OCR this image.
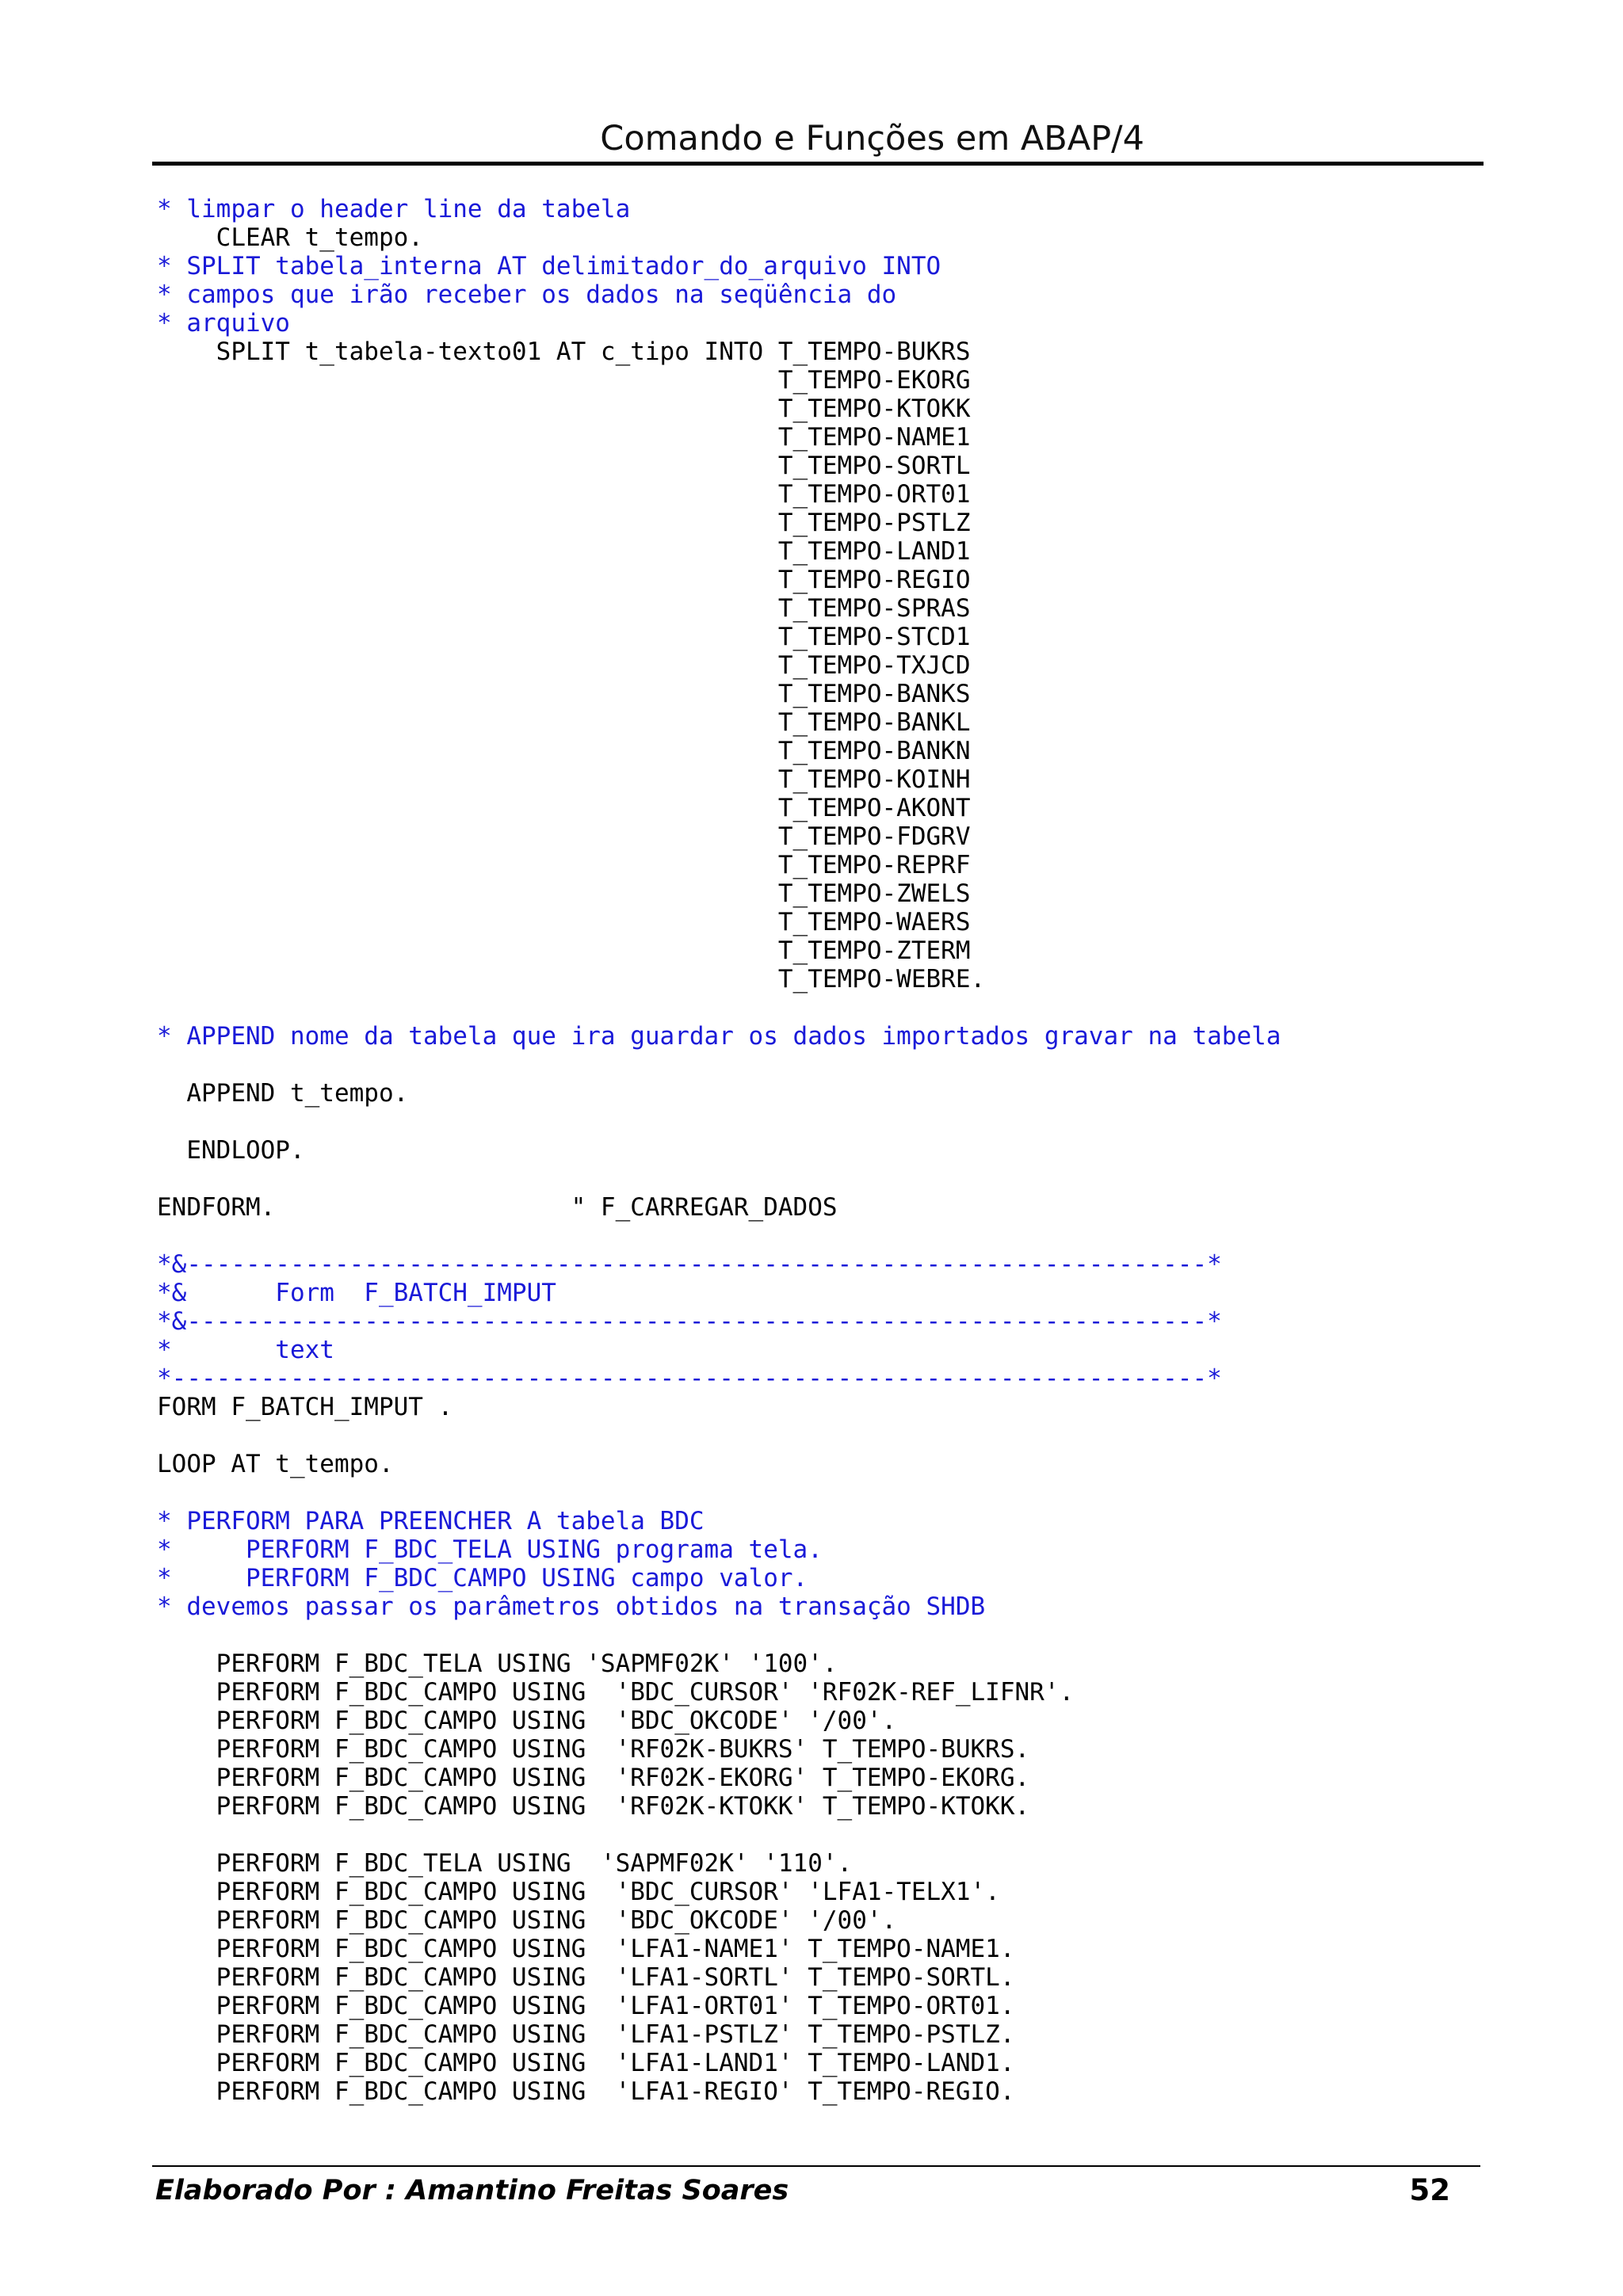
Comando e Funções em ABAP/4
* limpar o header line da tabela
CLEAR t_tempo.
* SPLIT tabela_interna AT delimitador_do_arquivo INTO
* campos que irão receber os dados na seqüência do
* arquivo
SPLIT t_tabela-texto01 AT c_tipo INTO T_TEMPO-BUKRS
T_TEMPO-EKORG
T_TEMPO-KTOKK
T_TEMPO-NAME1
T_TEMPO-SORTL
T_TEMPO-ORT01
T_TEMPO-PSTLZ
T_TEMPO-LAND1
T_TEMPO-REGIO
T_TEMPO-SPRAS
T_TEMPO-STCD1
T_TEMPO-TXJCD
T_TEMPO-BANKS
T_TEMPO-BANKL
T_TEMPO-BANKN
T_TEMPO-KOINH
T_TEMPO-AKONT
T_TEMPO-FDGRV
T_TEMPO-REPRF
T_TEMPO-ZWELS
T_TEMPO-WAERS
T_TEMPO-ZTERM
T_TEMPO-WEBRE.
* APPEND nome da tabela que ira guardar os dados importados gravar na tabela
APPEND t_tempo.
ENDLOOP.
ENDFORM.                    " F_CARREGAR_DADOS
*&---------------------------------------------------------------------*
*&      Form  F_BATCH_IMPUT
*&---------------------------------------------------------------------*
*       text
*----------------------------------------------------------------------*
FORM F_BATCH_IMPUT .
LOOP AT t_tempo.
* PERFORM PARA PREENCHER A tabela BDC
*     PERFORM F_BDC_TELA USING programa tela.
*     PERFORM F_BDC_CAMPO USING campo valor.
* devemos passar os parâmetros obtidos na transação SHDB
PERFORM F_BDC_TELA USING 'SAPMF02K' '100'.
PERFORM F_BDC_CAMPO USING  'BDC_CURSOR' 'RF02K-REF_LIFNR'.
PERFORM F_BDC_CAMPO USING  'BDC_OKCODE' '/00'.
PERFORM F_BDC_CAMPO USING  'RF02K-BUKRS' T_TEMPO-BUKRS.
PERFORM F_BDC_CAMPO USING  'RF02K-EKORG' T_TEMPO-EKORG.
PERFORM F_BDC_CAMPO USING  'RF02K-KTOKK' T_TEMPO-KTOKK.
PERFORM F_BDC_TELA USING  'SAPMF02K' '110'.
PERFORM F_BDC_CAMPO USING  'BDC_CURSOR' 'LFA1-TELX1'.
PERFORM F_BDC_CAMPO USING  'BDC_OKCODE' '/00'.
PERFORM F_BDC_CAMPO USING  'LFA1-NAME1' T_TEMPO-NAME1.
PERFORM F_BDC_CAMPO USING  'LFA1-SORTL' T_TEMPO-SORTL.
PERFORM F_BDC_CAMPO USING  'LFA1-ORT01' T_TEMPO-ORT01.
PERFORM F_BDC_CAMPO USING  'LFA1-PSTLZ' T_TEMPO-PSTLZ.
PERFORM F_BDC_CAMPO USING  'LFA1-LAND1' T_TEMPO-LAND1.
PERFORM F_BDC_CAMPO USING  'LFA1-REGIO' T_TEMPO-REGIO.
Elaborado Por : Amantino Freitas Soares	52
